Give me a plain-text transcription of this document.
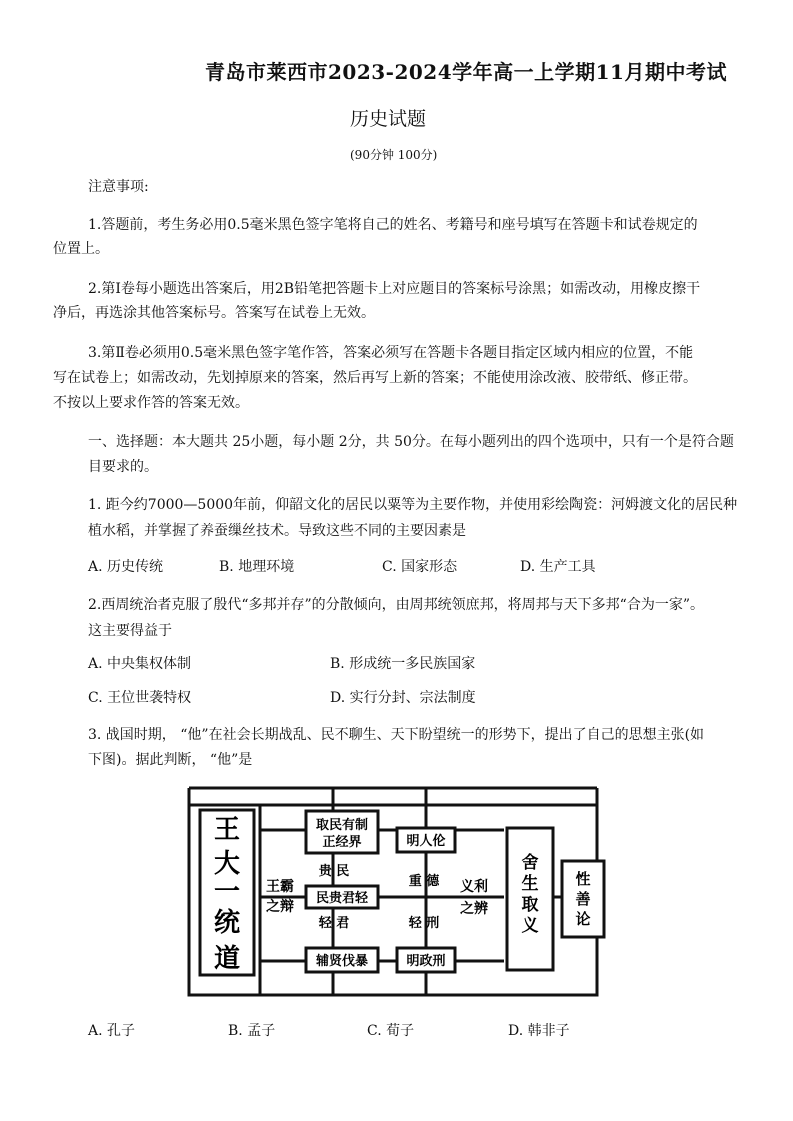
青岛市莱西市2023-2024学年高一上学期11月期中考试
历史试题
(90分钟 100分)
注意事项:
1.答题前，考生务必用0.5毫米黑色签字笔将自己的姓名、考籍号和座号填写在答题卡和试卷规定的
位置上。
2.第Ⅰ卷每小题选出答案后，用2B铅笔把答题卡上对应题目的答案标号涂黑；如需改动，用橡皮擦干
净后，再选涂其他答案标号。答案写在试卷上无效。
3.第Ⅱ卷必须用0.5毫米黑色签字笔作答，答案必须写在答题卡各题目指定区域内相应的位置，不能
写在试卷上；如需改动，先划掉原来的答案，然后再写上新的答案；不能使用涂改液、胶带纸、修正带。
不按以上要求作答的答案无效。
一、选择题：本大题共 25小题，每小题 2分，共 50分。在每小题列出的四个选项中，只有一个是符合题
目要求的。
1. 距今约7000—5000年前，仰韶文化的居民以粟等为主要作物，并使用彩绘陶瓷：河姆渡文化的居民种
植水稻，并掌握了养蚕缫丝技术。导致这些不同的主要因素是
A. 历史传统	B. 地理环境	C. 国家形态	D. 生产工具
2.西周统治者克服了殷代“多邦并存”的分散倾向，由周邦统领庶邦，将周邦与天下多邦“合为一家”。
这主要得益于
A. 中央集权体制	B. 形成统一多民族国家
C. 王位世袭特权	D. 实行分封、宗法制度
3. 战国时期， “他”在社会长期战乱、民不聊生、天下盼望统一的形势下，提出了自己的思想主张(如
下图)。据此判断， “他”是
王
大
一
统
道
王霸
之辩
取民有制
正经界
贵 民
民贵君轻
轻 君
辅贤伐暴
明人伦
重 德
轻 刑
明政刑
义利
之辨
舍
生
取
义
性
善
论
A. 孔子	B. 孟子	C. 荀子	D. 韩非子
